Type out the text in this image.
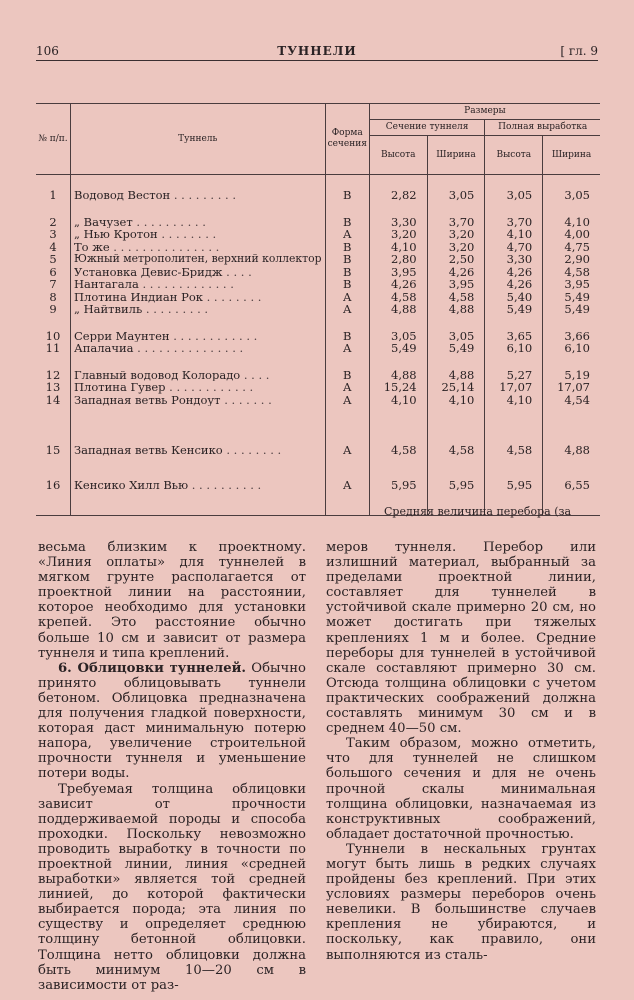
106	ТУННЕЛИ	[ гл. 9
№ п/п.	Туннель	Форма сечения	Размеры			
			Сечение туннеля		Полная выработка	
			Высота	Ширина	Высота	Ширина

1	Водовод Вестон . . . . . . . . .	В	2,82	3,05	3,05	3,05

2	„ Вачузет . . . . . . . . . .	В	3,30	3,70	3,70	4,10
3	„ Нью Кротон . . . . . . . .	А	3,20	3,20	4,10	4,00
4	То же . . . . . . . . . . . . . . .	В	4,10	3,20	4,70	4,75
5	Южный метрополитен, верхний коллектор	В	2,80	2,50	3,30	2,90
6	Установка Девис-Бридж . . . .	В	3,95	4,26	4,26	4,58
7	Нантагала . . . . . . . . . . . . .	В	4,26	3,95	4,26	3,95
8	Плотина Индиан Рок . . . . . . . .	А	4,58	4,58	5,40	5,49
9	„ Найтвиль . . . . . . . . .	А	4,88	4,88	5,49	5,49

10	Серри Маунтен . . . . . . . . . . . .	В	3,05	3,05	3,65	3,66
11	Апалачиа . . . . . . . . . . . . . . .	А	5,49	5,49	6,10	6,10

12	Главный водовод Колорадо . . . .	В	4,88	4,88	5,27	5,19
13	Плотина Гувер . . . . . . . . . . . .	А	15,24	25,14	17,07	17,07
14	Западная ветвь Рондоут . . . . . . .	А	4,10	4,10	4,10	4,54

15	Западная ветвь Кенсико . . . . . . . .	А	4,58	4,58	4,58	4,88

16	Кенсико Хилл Вью . . . . . . . . . .	А	5,95	5,95	5,95	6,55

Средняя величина перебора (за

весьма близким к проектному. «Линия оплаты» для туннелей в мягком грунте располагается от проектной линии на расстоянии, которое необходимо для установки крепей. Это расстояние обычно больше 10 см и зависит от размера туннеля и типа креплений.

6. Облицовки туннелей. Обычно принято облицовывать туннели бетоном. Облицовка предназначена для получения гладкой поверхности, которая даст минимальную потерю напора, увеличение строительной прочности туннеля и уменьшение потери воды.

Требуемая толщина облицовки зависит от прочности поддерживаемой породы и способа проходки. Поскольку невозможно проводить выработку в точности по проектной линии, линия «средней выработки» является той средней линией, до которой фактически выбирается порода; эта линия по существу и определяет среднюю толщину бетонной облицовки. Толщина нетто облицовки должна быть минимум 10—20 см в зависимости от раз-

меров туннеля. Перебор или излишний материал, выбранный за пределами проектной линии, составляет для туннелей в устойчивой скале примерно 20 см, но может достигать при тяжелых креплениях 1 м и более. Средние переборы для туннелей в устойчивой скале составляют примерно 30 см. Отсюда толщина облицовки с учетом практических соображений должна составлять минимум 30 см и в среднем 40—50 см.

Таким образом, можно отметить, что для туннелей не слишком большого сечения и для не очень прочной скалы минимальная толщина облицовки, назначаемая из конструктивных соображений, обладает достаточной прочностью.

Туннели в нескальных грунтах могут быть лишь в редких случаях пройдены без креплений. При этих условиях размеры переборов очень невелики. В большинстве случаев крепления не убираются, и поскольку, как правило, они выполняются из сталь-
